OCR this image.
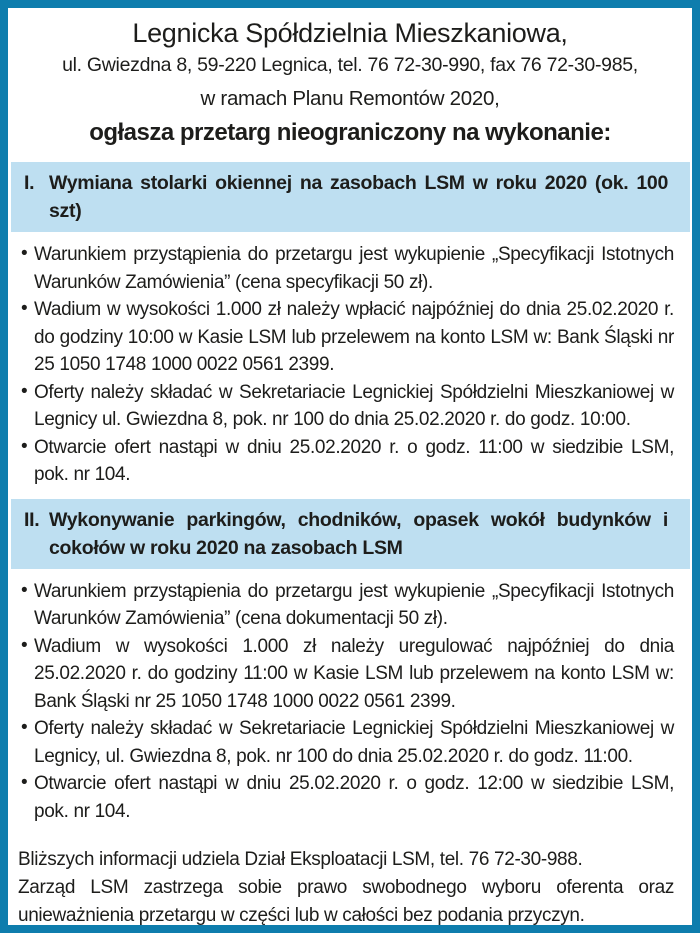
Legnicka Spółdzielnia Mieszkaniowa,
ul. Gwiezdna 8, 59-220 Legnica, tel. 76 72-30-990, fax 76 72-30-985,
w ramach Planu Remontów 2020,
ogłasza przetarg nieograniczony na wykonanie:
I. Wymiana stolarki okiennej na zasobach LSM w roku 2020 (ok. 100 szt)

• Warunkiem przystąpienia do przetargu jest wykupienie „Specyfikacji Istotnych Warunków Zamówienia” (cena specyfikacji 50 zł).

• Wadium w wysokości 1.000 zł należy wpłacić najpóźniej do dnia 25.02.2020 r. do godziny 10:00 w Kasie LSM lub przelewem na konto LSM w: Bank Śląski nr 25 1050 1748 1000 0022 0561 2399.

• Oferty należy składać w Sekretariacie Legnickiej Spółdzielni Mieszkaniowej w Legnicy ul. Gwiezdna 8, pok. nr 100 do dnia 25.02.2020 r. do godz. 10:00.

• Otwarcie ofert nastąpi w dniu 25.02.2020 r. o godz. 11:00 w siedzibie LSM, pok. nr 104.

II. Wykonywanie parkingów, chodników, opasek wokół budynków i cokołów w roku 2020 na zasobach LSM

• Warunkiem przystąpienia do przetargu jest wykupienie „Specyfikacji Istotnych Warunków Zamówienia” (cena dokumentacji 50 zł).

• Wadium w wysokości 1.000 zł należy uregulować najpóźniej do dnia 25.02.2020 r. do godziny 11:00 w Kasie LSM lub przelewem na konto LSM w: Bank Śląski nr 25 1050 1748 1000 0022 0561 2399.

• Oferty należy składać w Sekretariacie Legnickiej Spółdzielni Mieszkaniowej w Legnicy, ul. Gwiezdna 8, pok. nr 100 do dnia 25.02.2020 r. do godz. 11:00.

• Otwarcie ofert nastąpi w dniu 25.02.2020 r. o godz. 12:00 w siedzibie LSM, pok. nr 104.

Bliższych informacji udziela Dział Eksploatacji LSM, tel. 76 72-30-988.

Zarząd LSM zastrzega sobie prawo swobodnego wyboru oferenta oraz unieważnienia przetargu w części lub w całości bez podania przyczyn.
